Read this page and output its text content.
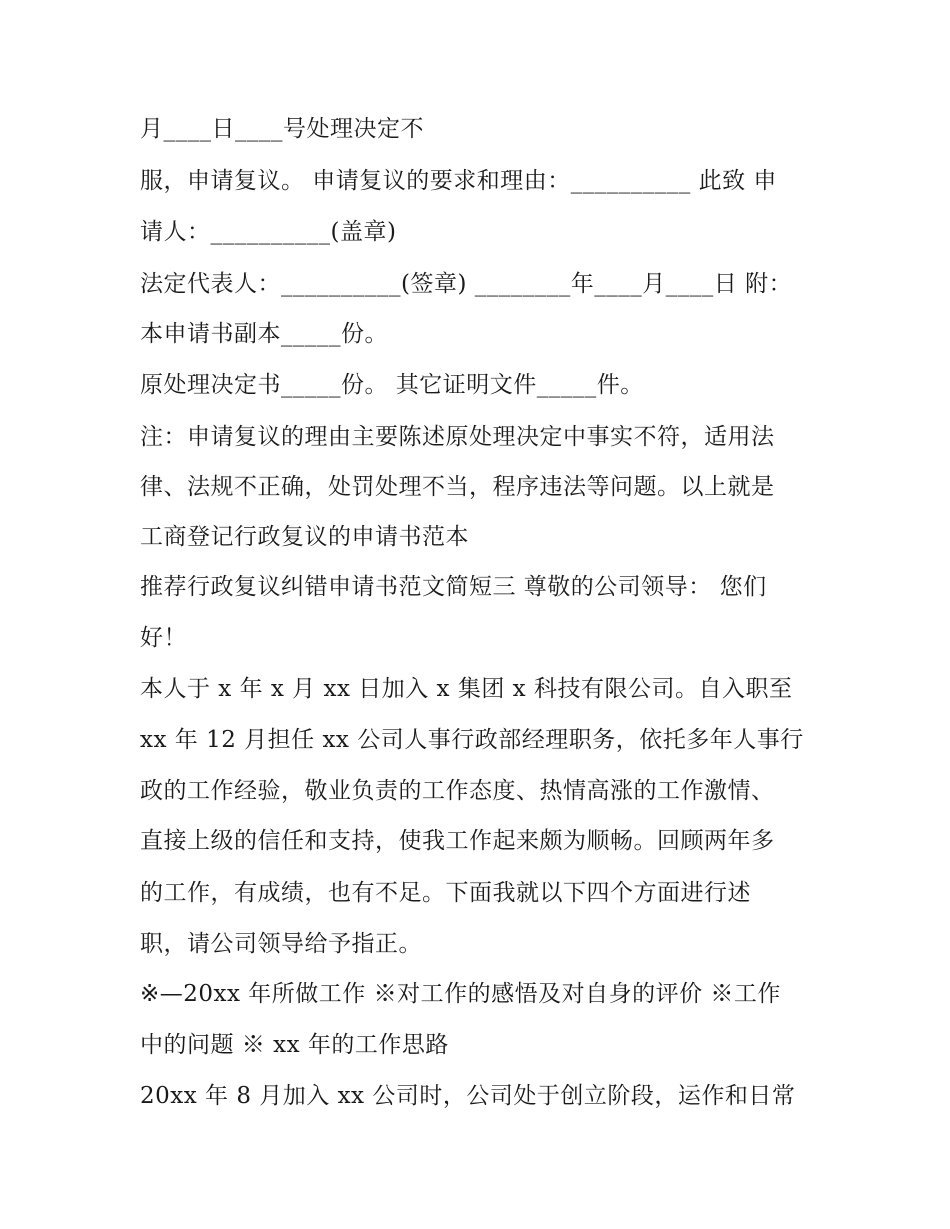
月____日____号处理决定不
服，申请复议。 申请复议的要求和理由：__________ 此致 申
请人：__________(盖章)
法定代表人：__________(签章) ________年____月____日 附：
本申请书副本_____份。
原处理决定书_____份。 其它证明文件_____件。
注：申请复议的理由主要陈述原处理决定中事实不符，适用法
律、法规不正确，处罚处理不当，程序违法等问题。以上就是
工商登记行政复议的申请书范本
推荐行政复议纠错申请书范文简短三 尊敬的公司领导： 您们
好！
本人于 x 年 x 月 xx 日加入 x 集团 x 科技有限公司。自入职至
xx 年 12 月担任 xx 公司人事行政部经理职务，依托多年人事行
政的工作经验，敬业负责的工作态度、热情高涨的工作激情、
直接上级的信任和支持，使我工作起来颇为顺畅。回顾两年多
的工作，有成绩，也有不足。下面我就以下四个方面进行述
职，请公司领导给予指正。
※—20xx 年所做工作 ※对工作的感悟及对自身的评价 ※工作
中的问题 ※ xx 年的工作思路
20xx 年 8 月加入 xx 公司时，公司处于创立阶段，运作和日常
